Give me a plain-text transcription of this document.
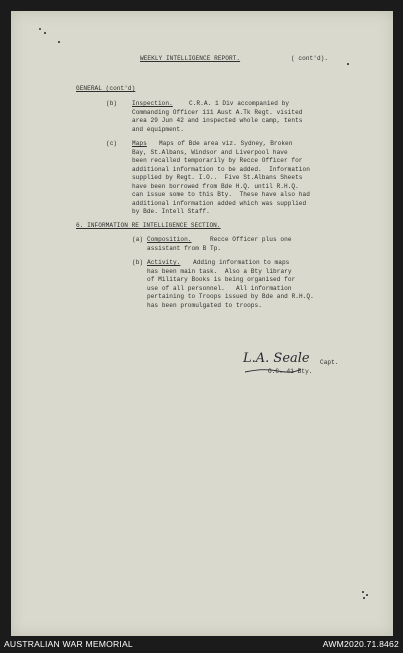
WEEKLY INTELLIGENCE REPORT.	( cont'd).
GENERAL (cont'd)
(b) Inspection.	C.R.A. 1 Div accompanied by
Commanding Officer 111 Aust A.Tk Regt. visited
area 29 Jun 42 and inspected whole camp, tents
and equipment.
(c) Maps Maps of Bde area viz. Sydney, Broken
Bay, St.Albans, Windsor and Liverpool have
been recalled temporarily by Recce Officer for
additional information to be added.  Information
supplied by Regt. I.O..  Five St.Albans Sheets
have been borrowed from Bde H.Q. until R.H.Q.
can issue some to this Bty.  These have also had
additional information added which was supplied
by Bde. Intell Staff.
6. INFORMATION RE INTELLIGENCE SECTION.
(a) Composition.	Recce Officer plus one
assistant from B Tp.
(b) Activity. Adding information to maps
has been main task.  Also a Bty library
of Military Books is being organised for
use of all personnel.   All information
pertaining to Troops issued by Bde and R.H.Q.
has been promulgated to troops.
L.A. Seale Capt.
O.C. 41 Bty.
AUSTRALIAN WAR MEMORIAL	AWM2020.71.8462
